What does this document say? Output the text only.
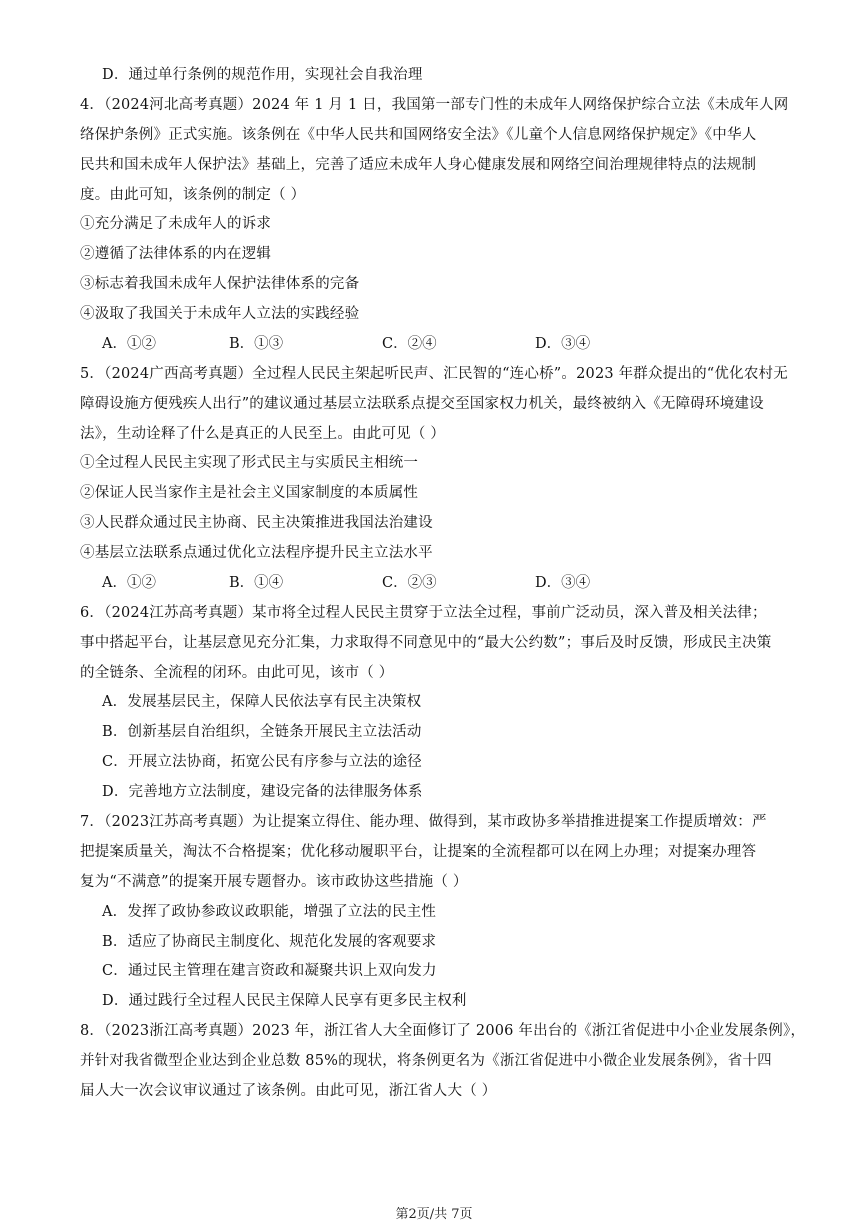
D．通过单行条例的规范作用，实现社会自我治理
4．（2024河北高考真题）2024 年 1 月 1 日，我国第一部专门性的未成年人网络保护综合立法《未成年人网
络保护条例》正式实施。该条例在《中华人民共和国网络安全法》《儿童个人信息网络保护规定》《中华人
民共和国未成年人保护法》基础上，完善了适应未成年人身心健康发展和网络空间治理规律特点的法规制
度。由此可知，该条例的制定（ ）
①充分满足了未成年人的诉求
②遵循了法律体系的内在逻辑
③标志着我国未成年人保护法律体系的完备
④汲取了我国关于未成年人立法的实践经验
A．①②	B．①③	C．②④	D．③④
5．（2024广西高考真题）全过程人民民主架起听民声、汇民智的“连心桥”。2023 年群众提出的“优化农村无
障碍设施方便残疾人出行”的建议通过基层立法联系点提交至国家权力机关，最终被纳入《无障碍环境建设
法》，生动诠释了什么是真正的人民至上。由此可见（ ）
①全过程人民民主实现了形式民主与实质民主相统一
②保证人民当家作主是社会主义国家制度的本质属性
③人民群众通过民主协商、民主决策推进我国法治建设
④基层立法联系点通过优化立法程序提升民主立法水平
A．①②	B．①④	C．②③	D．③④
6．（2024江苏高考真题）某市将全过程人民民主贯穿于立法全过程，事前广泛动员，深入普及相关法律；
事中搭起平台，让基层意见充分汇集，力求取得不同意见中的“最大公约数”；事后及时反馈，形成民主决策
的全链条、全流程的闭环。由此可见，该市（ ）
A．发展基层民主，保障人民依法享有民主决策权
B．创新基层自治组织，全链条开展民主立法活动
C．开展立法协商，拓宽公民有序参与立法的途径
D．完善地方立法制度，建设完备的法律服务体系
7．（2023江苏高考真题）为让提案立得住、能办理、做得到，某市政协多举措推进提案工作提质增效：严
把提案质量关，淘汰不合格提案；优化移动履职平台，让提案的全流程都可以在网上办理；对提案办理答
复为“不满意”的提案开展专题督办。该市政协这些措施（ ）
A．发挥了政协参政议政职能，增强了立法的民主性
B．适应了协商民主制度化、规范化发展的客观要求
C．通过民主管理在建言资政和凝聚共识上双向发力
D．通过践行全过程人民民主保障人民享有更多民主权利
8．（2023浙江高考真题）2023 年，浙江省人大全面修订了 2006 年出台的《浙江省促进中小企业发展条例》，
并针对我省微型企业达到企业总数 85%的现状，将条例更名为《浙江省促进中小微企业发展条例》，省十四
届人大一次会议审议通过了该条例。由此可见，浙江省人大（ ）
第2页/共 7页
